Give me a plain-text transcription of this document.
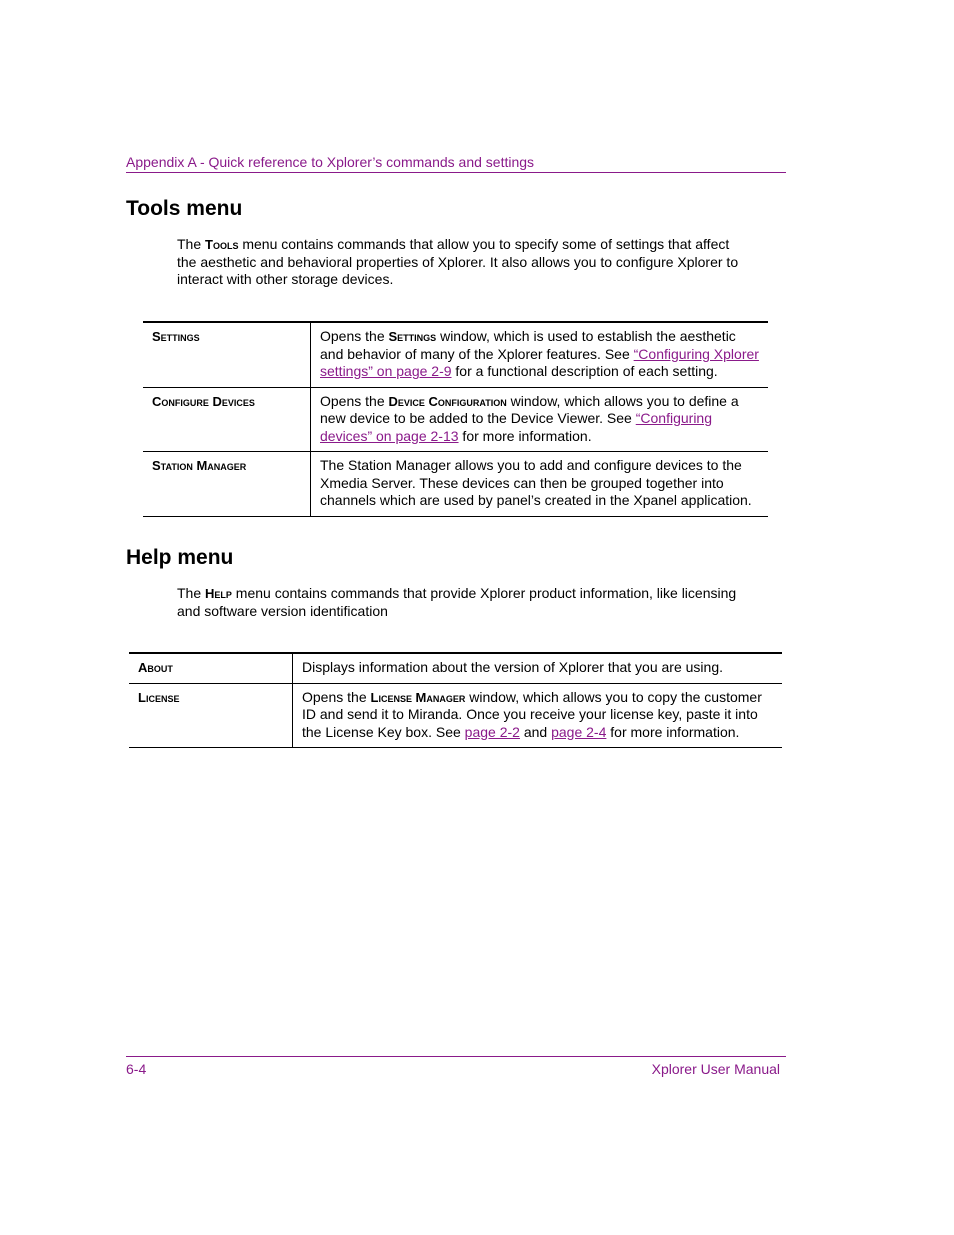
Appendix A - Quick reference to Xplorer’s commands and settings
Tools menu

The Tools menu contains commands that allow you to specify some of settings that affect the aesthetic and behavioral properties of Xplorer. It also allows you to configure Xplorer to interact with other storage devices.

Settings	Opens the Settings window, which is used to establish the aesthetic and behavior of many of the Xplorer features. See “Configuring Xplorer settings” on page 2-9 for a functional description of each setting.
Configure Devices	Opens the Device Configuration window, which allows you to define a new device to be added to the Device Viewer. See “Configuring devices” on page 2-13 for more information.
Station Manager	The Station Manager allows you to add and configure devices to the Xmedia Server. These devices can then be grouped together into channels which are used by panel’s created in the Xpanel application.
Help menu

The Help menu contains commands that provide Xplorer product information, like licensing and software version identification

About	Displays information about the version of Xplorer that you are using.
License	Opens the License Manager window, which allows you to copy the customer ID and send it to Miranda. Once you receive your license key, paste it into the License Key box. See page 2-2 and page 2-4 for more information.
6-4	Xplorer User Manual
